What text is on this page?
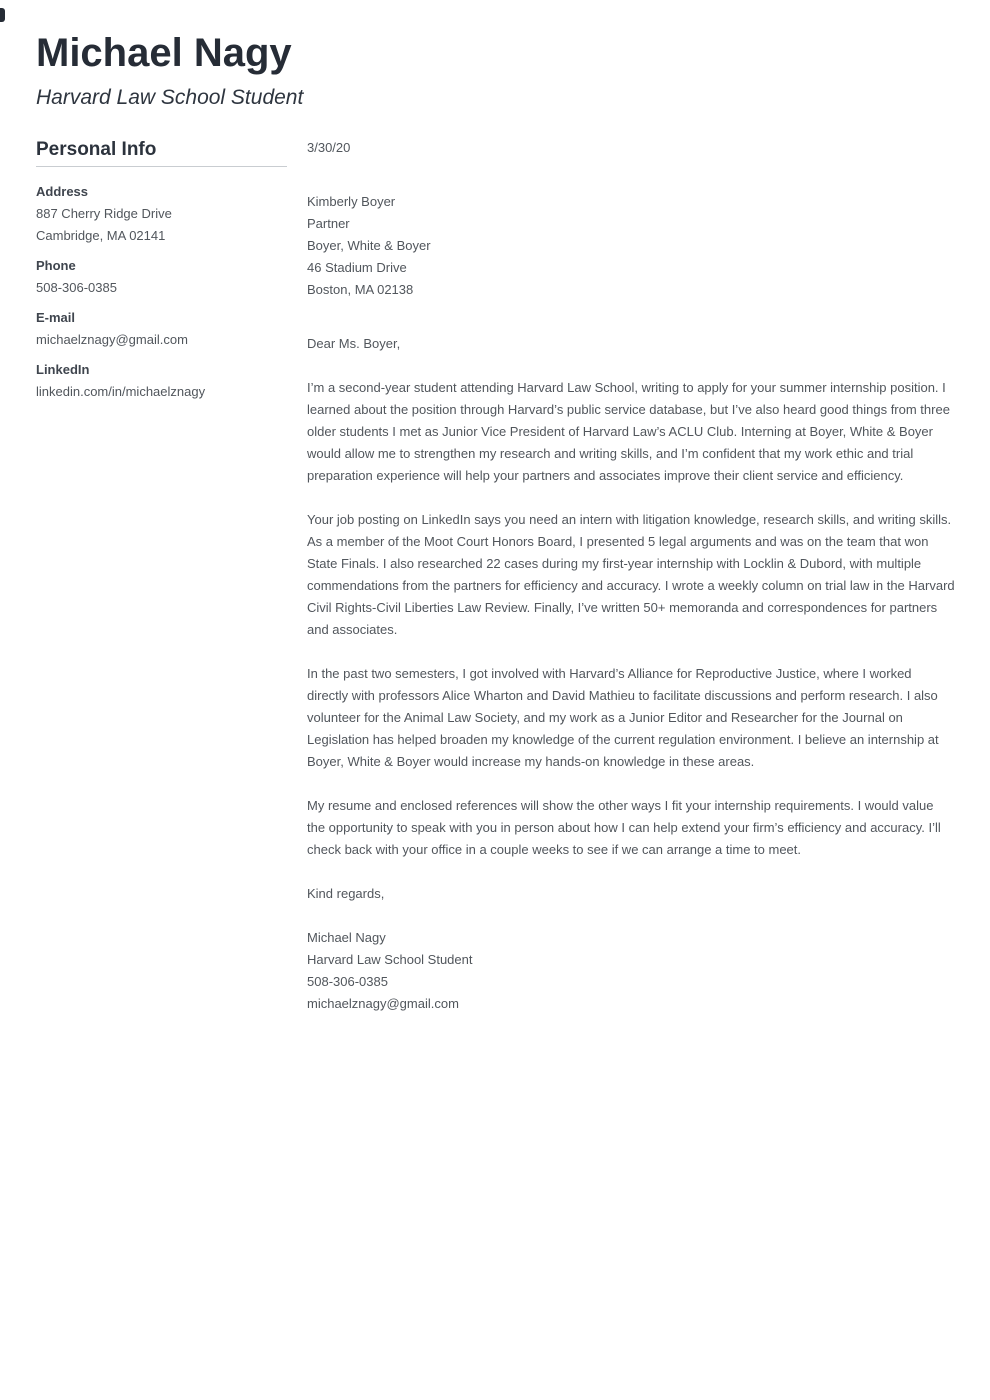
Michael Nagy
Harvard Law School Student
Personal Info
Address
887 Cherry Ridge Drive
Cambridge, MA 02141
Phone
508-306-0385
E-mail
michaelznagy@gmail.com
LinkedIn
linkedin.com/in/michaelznagy

3/30/20

Kimberly Boyer
Partner
Boyer, White & Boyer
46 Stadium Drive
Boston, MA 02138

Dear Ms. Boyer,

I’m a second-year student attending Harvard Law School, writing to apply for your summer internship position. I learned about the position through Harvard’s public service database, but I’ve also heard good things from three older students I met as Junior Vice President of Harvard Law’s ACLU Club. Interning at Boyer, White & Boyer would allow me to strengthen my research and writing skills, and I’m confident that my work ethic and trial preparation experience will help your partners and associates improve their client service and efficiency.

Your job posting on LinkedIn says you need an intern with litigation knowledge, research skills, and writing skills. As a member of the Moot Court Honors Board, I presented 5 legal arguments and was on the team that won State Finals. I also researched 22 cases during my first-year internship with Locklin & Dubord, with multiple commendations from the partners for efficiency and accuracy. I wrote a weekly column on trial law in the Harvard Civil Rights-Civil Liberties Law Review. Finally, I’ve written 50+ memoranda and correspondences for partners and associates.

In the past two semesters, I got involved with Harvard’s Alliance for Reproductive Justice, where I worked directly with professors Alice Wharton and David Mathieu to facilitate discussions and perform research. I also volunteer for the Animal Law Society, and my work as a Junior Editor and Researcher for the Journal on Legislation has helped broaden my knowledge of the current regulation environment. I believe an internship at Boyer, White & Boyer would increase my hands-on knowledge in these areas.

My resume and enclosed references will show the other ways I fit your internship requirements. I would value the opportunity to speak with you in person about how I can help extend your firm’s efficiency and accuracy. I’ll check back with your office in a couple weeks to see if we can arrange a time to meet.

Kind regards,

Michael Nagy
Harvard Law School Student
508-306-0385
michaelznagy@gmail.com
